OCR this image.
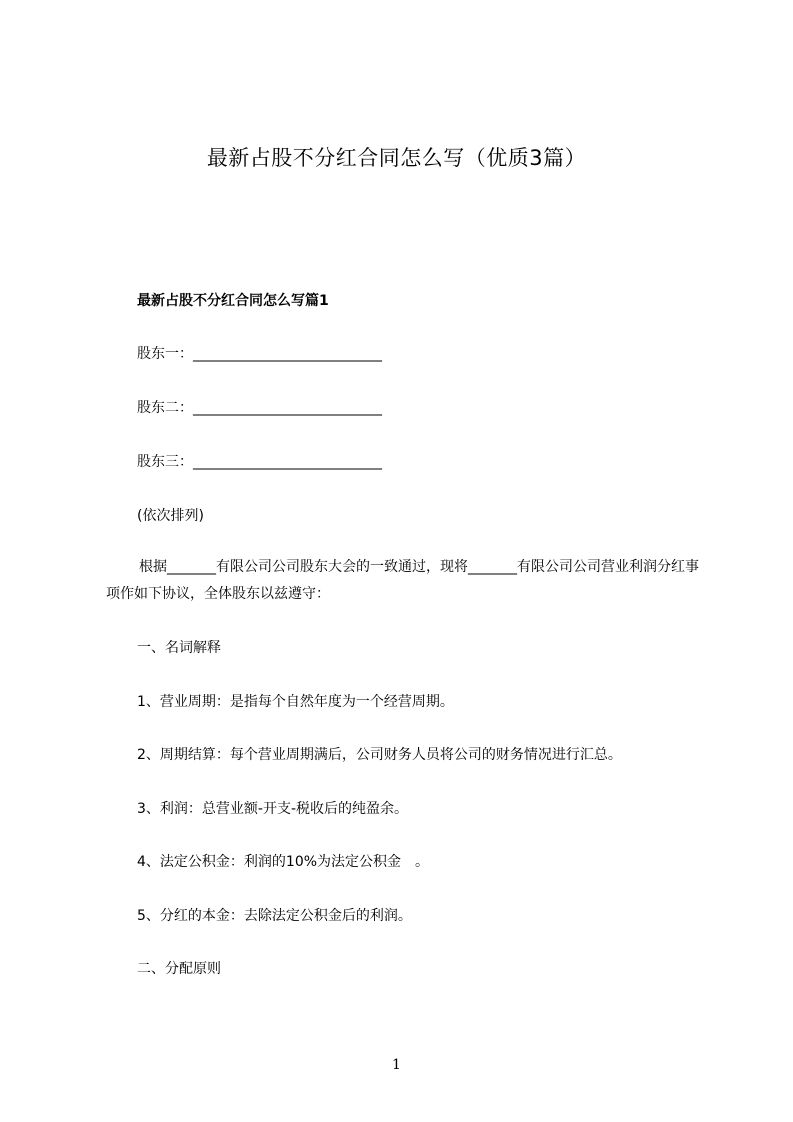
最新占股不分红合同怎么写（优质3篇）
最新占股不分红合同怎么写篇1
股东一：___________________________
股东二：___________________________
股东三：___________________________
(依次排列)
根据_______有限公司公司股东大会的一致通过，现将_______有限公司公司营业利润分红事项作如下协议，全体股东以兹遵守：
一、名词解释
1、营业周期：是指每个自然年度为一个经营周期。
2、周期结算：每个营业周期满后，公司财务人员将公司的财务情况进行汇总。
3、利润：总营业额-开支-税收后的纯盈余。
4、法定公积金：利润的10%为法定公积金　。
5、分红的本金：去除法定公积金后的利润。
二、分配原则
1
